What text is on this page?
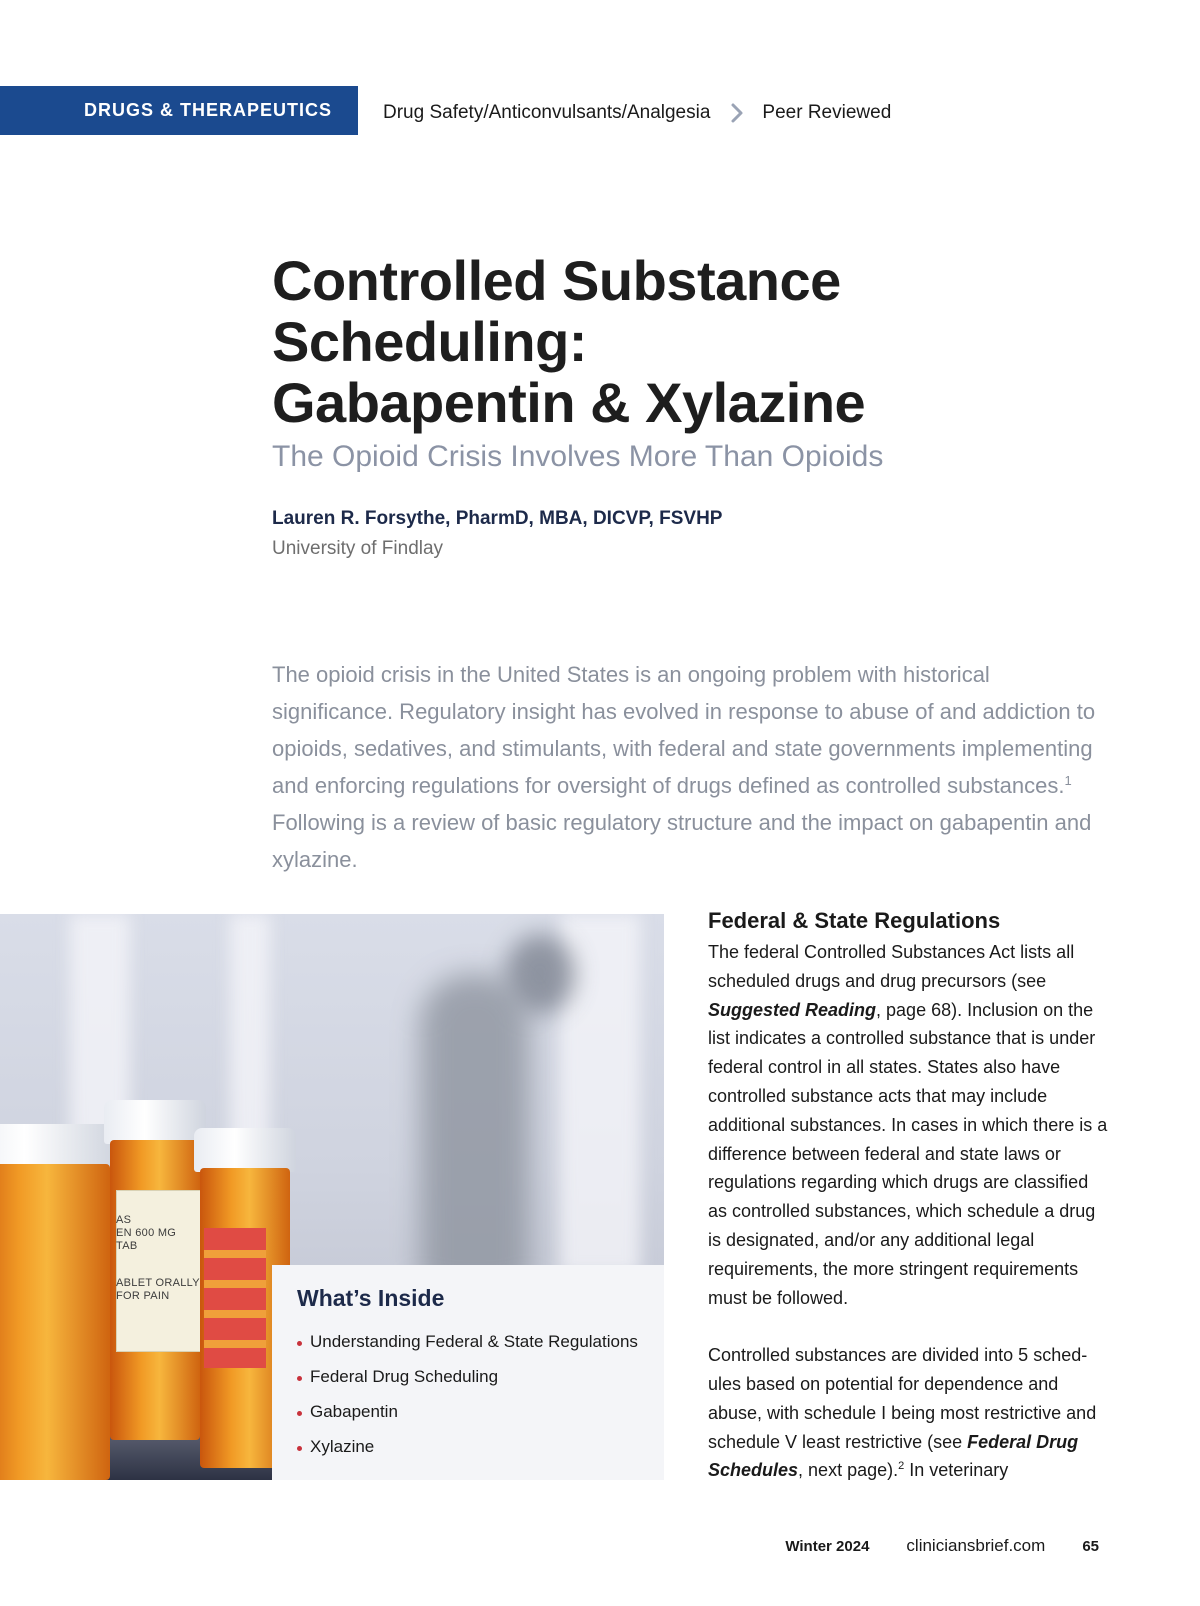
DRUGS & THERAPEUTICS	Drug Safety/Anticonvulsants/Analgesia	Peer Reviewed
Controlled Substance
Scheduling:
Gabapentin & Xylazine

The Opioid Crisis Involves More Than Opioids

Lauren R. Forsythe, PharmD, MBA, DICVP, FSVHP
University of Findlay

The opioid crisis in the United States is an ongoing problem with historical significance. Regulatory insight has evolved in response to abuse of and addiction to opioids, sedatives, and stimulants, with federal and state governments implementing and enforcing regulations for oversight of drugs defined as controlled substances.$^1$ Following is a review of basic regulatory structure and the impact on gabapentin and xylazine.

AS
EN 600 MG TAB
ABLET ORALLY
FOR PAIN	What’s Inside
Understanding Federal & State Regulations
Federal Drug Scheduling
Gabapentin
Xylazine
Federal & State Regulations

The federal Controlled Substances Act lists all scheduled drugs and drug precursors (see Suggested Reading, page 68). Inclusion on the list indicates a controlled substance that is under federal control in all states. States also have controlled substance acts that may include additional substances. In cases in which there is a difference between federal and state laws or regulations regarding which drugs are classified as controlled substances, which schedule a drug is designated, and/or any additional legal requirements, the more stringent requirements must be followed.

Controlled substances are divided into 5 sched-ules based on potential for dependence and abuse, with schedule I being most restrictive and schedule V least restrictive (see Federal Drug Schedules, next page).$^2$ In veterinary

Winter 2024 cliniciansbrief.com 65
